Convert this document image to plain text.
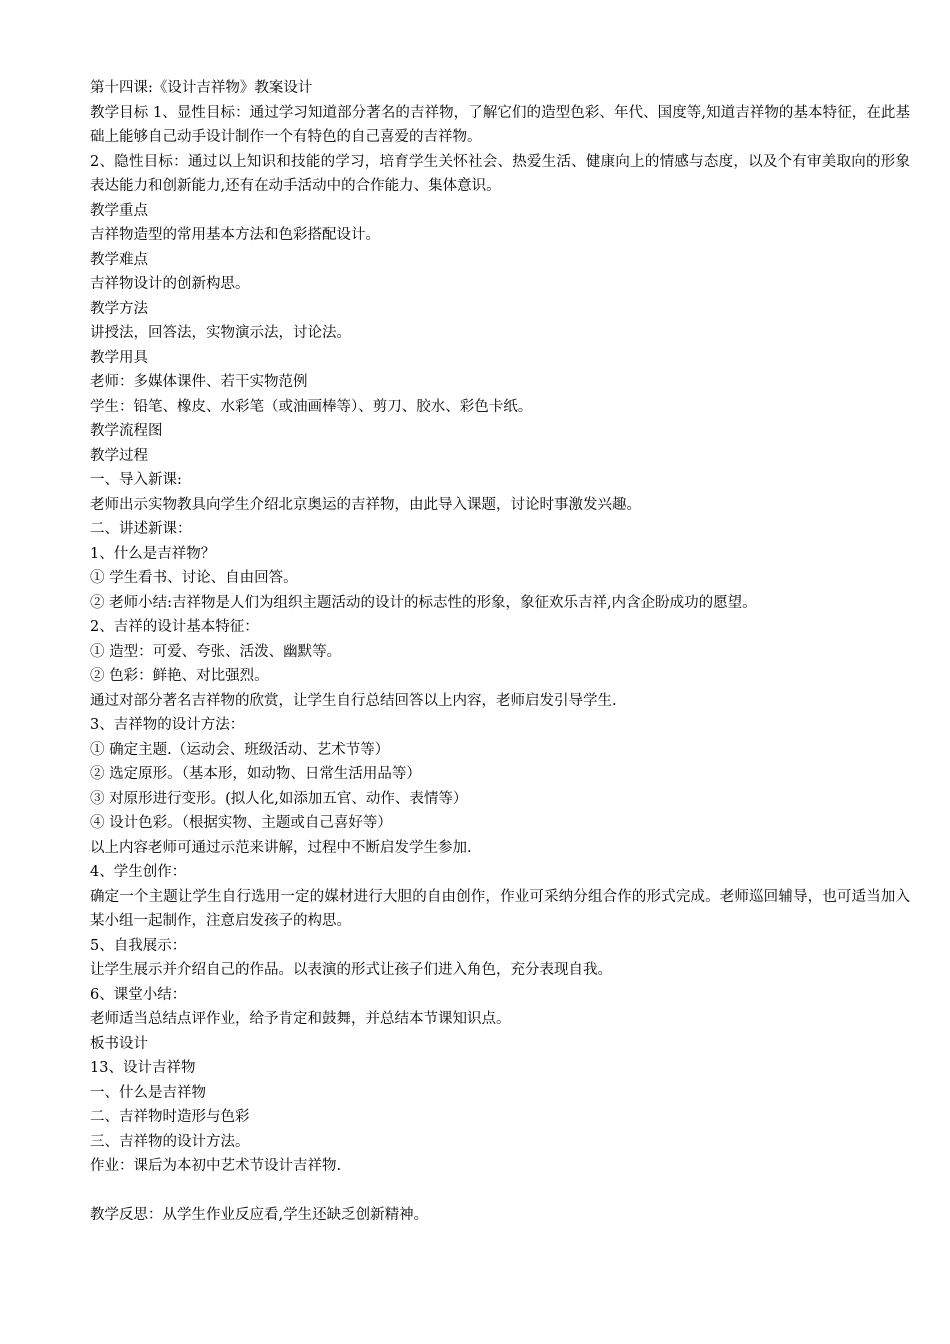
第十四课:《设计吉祥物》教案设计
教学目标 1、显性目标：通过学习知道部分著名的吉祥物，了解它们的造型色彩、年代、国度等,知道吉祥物的基本特征，在此基础上能够自己动手设计制作一个有特色的自己喜爱的吉祥物。
2、隐性目标：通过以上知识和技能的学习，培育学生关怀社会、热爱生活、健康向上的情感与态度，以及个有审美取向的形象表达能力和创新能力,还有在动手活动中的合作能力、集体意识。
教学重点
吉祥物造型的常用基本方法和色彩搭配设计。
教学难点
吉祥物设计的创新构思。
教学方法
讲授法，回答法，实物演示法，讨论法。
教学用具
老师：多媒体课件、若干实物范例
学生：铅笔、橡皮、水彩笔（或油画棒等）、剪刀、胶水、彩色卡纸。
教学流程图
教学过程
一、导入新课:
老师出示实物教具向学生介绍北京奥运的吉祥物，由此导入课题，讨论时事激发兴趣。
二、讲述新课：
1、什么是吉祥物？
① 学生看书、讨论、自由回答。
② 老师小结:吉祥物是人们为组织主题活动的设计的标志性的形象，象征欢乐吉祥,内含企盼成功的愿望。
2、吉祥的设计基本特征：
① 造型：可爱、夸张、活泼、幽默等。
② 色彩：鲜艳、对比强烈。
通过对部分著名吉祥物的欣赏，让学生自行总结回答以上内容，老师启发引导学生.
3、吉祥物的设计方法：
① 确定主题.（运动会、班级活动、艺术节等）
② 选定原形。（基本形，如动物、日常生活用品等）
③ 对原形进行变形。(拟人化,如添加五官、动作、表情等）
④ 设计色彩。（根据实物、主题或自己喜好等）
以上内容老师可通过示范来讲解，过程中不断启发学生参加.
4、学生创作：
确定一个主题让学生自行选用一定的媒材进行大胆的自由创作，作业可采纳分组合作的形式完成。老师巡回辅导，也可适当加入某小组一起制作，注意启发孩子的构思。
5、自我展示：
让学生展示并介绍自己的作品。以表演的形式让孩子们进入角色，充分表现自我。
6、课堂小结：
老师适当总结点评作业，给予肯定和鼓舞，并总结本节课知识点。
板书设计
13、设计吉祥物
一、什么是吉祥物
二、吉祥物时造形与色彩
三、吉祥物的设计方法。
作业：课后为本初中艺术节设计吉祥物.
教学反思：从学生作业反应看,学生还缺乏创新精神。
